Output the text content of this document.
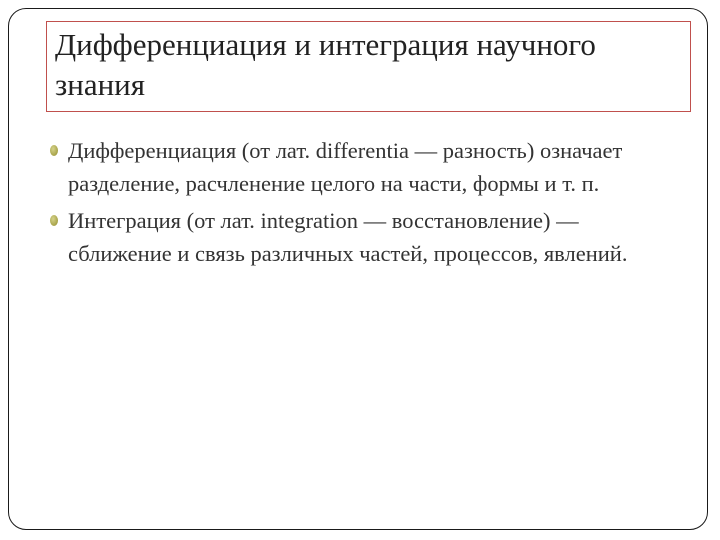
Дифференциация и интеграция научного знания
Дифференциация (от лат. differentia — разность) означает разделение, расчленение целого на части, формы и т. п.
Интеграция (от лат. integration — восстановление) — сближение и связь различных частей, процессов, явлений.
